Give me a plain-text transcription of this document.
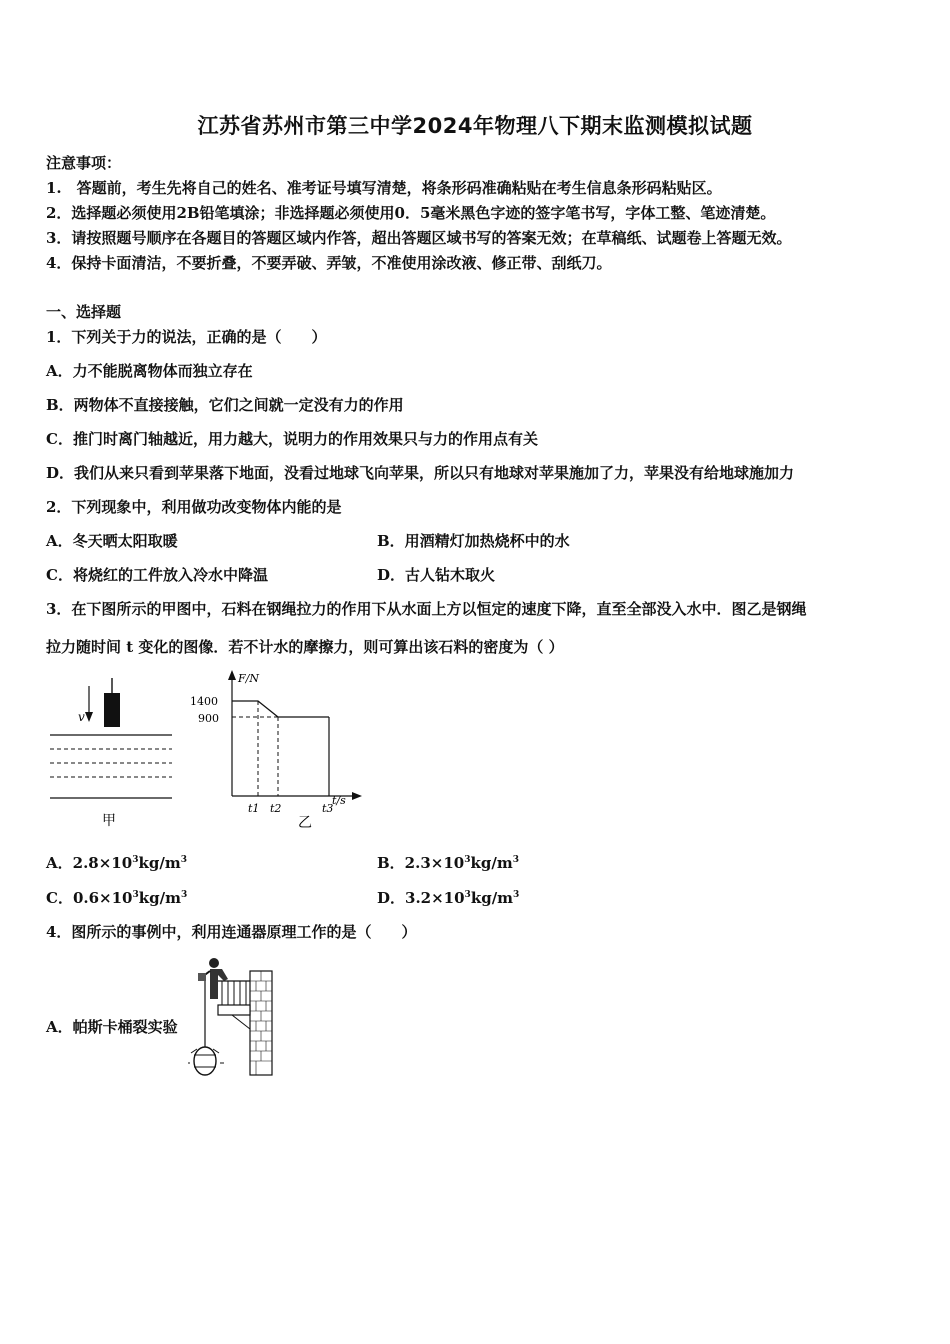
江苏省苏州市第三中学2024年物理八下期末监测模拟试题
注意事项：
1.　答题前，考生先将自己的姓名、准考证号填写清楚，将条形码准确粘贴在考生信息条形码粘贴区。
2．选择题必须使用2B铅笔填涂；非选择题必须使用0．5毫米黑色字迹的签字笔书写，字体工整、笔迹清楚。
3．请按照题号顺序在各题目的答题区域内作答，超出答题区域书写的答案无效；在草稿纸、试题卷上答题无效。
4．保持卡面清洁，不要折叠，不要弄破、弄皱，不准使用涂改液、修正带、刮纸刀。
一、选择题
1．下列关于力的说法，正确的是（　　）
A．力不能脱离物体而独立存在
B．两物体不直接接触，它们之间就一定没有力的作用
C．推门时离门轴越近，用力越大，说明力的作用效果只与力的作用点有关
D．我们从来只看到苹果落下地面，没看过地球飞向苹果，所以只有地球对苹果施加了力，苹果没有给地球施加力
2．下列现象中，利用做功改变物体内能的是
A．冬天晒太阳取暖	B．用酒精灯加热烧杯中的水
C．将烧红的工件放入冷水中降温	D．古人钻木取火
3．在下图所示的甲图中，石料在钢绳拉力的作用下从水面上方以恒定的速度下降，直至全部没入水中．图乙是钢绳
拉力随时间 t 变化的图像．若不计水的摩擦力，则可算出该石料的密度为（ ）
v
甲
F/N
t/s
1400
900
t1 t2	t3
乙
A．$2.8\times 10^3kg/m^3$	B．$2.3\times 10^3kg/m^3$
C．$0.6\times 10^3kg/m^3$	D．$3.2\times 10^3kg/m^3$
4．图所示的事例中，利用连通器原理工作的是（　　）
A．帕斯卡桶裂实验
